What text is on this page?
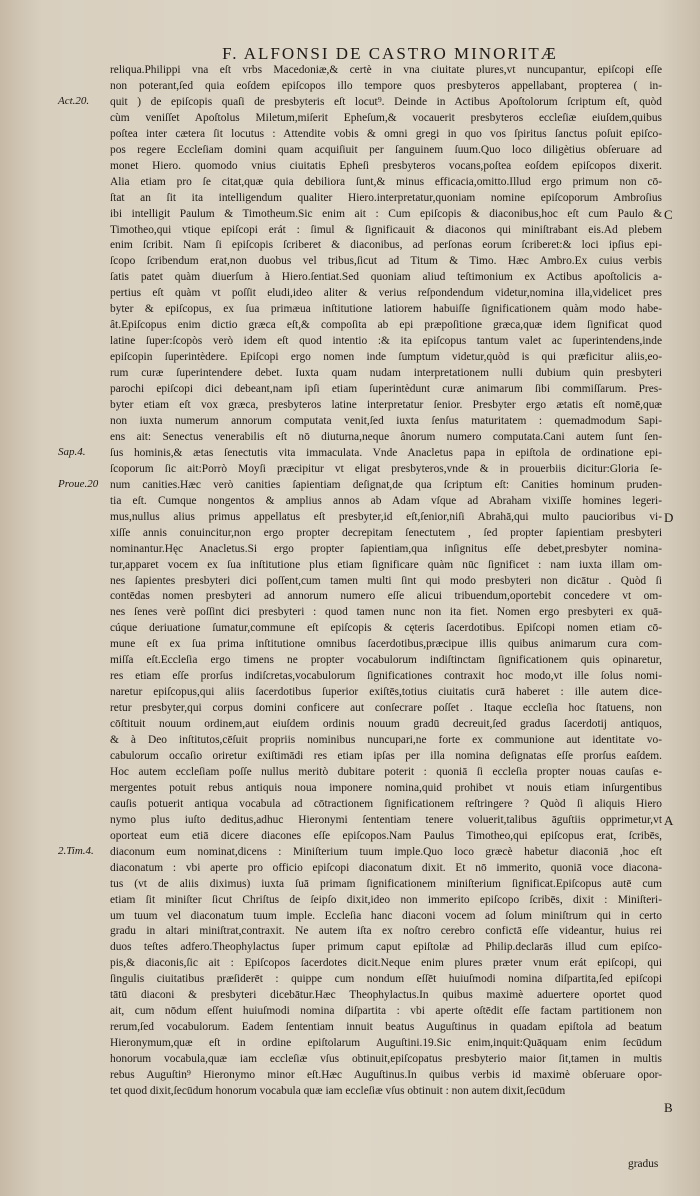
F. ALFONSI DE CASTRO MINORITÆ
reliqua.Philippi vna eſt vrbs Macedoniæ,& certè in vna ciuitate plures,vt nuncupantur, epiſcopi eſſe
non poterant,ſed quia eoſdem epiſcopos illo tempore quos presbyteros appellabant, propterea ( in-
quit ) de epiſcopis quaſi de presbyteris eſt locut⁹. Deinde in Actibus Apoſtolorum ſcriptum eſt, quòd
cùm veniſſet Apoſtolus Miletum,miſerit Epheſum,& vocauerit presbyteros eccleſiæ eiuſdem,quibus
poſtea inter cætera ſit locutus : Attendite vobis & omni gregi in quo vos ſpiritus ſanctus poſuit epiſco-
pos regere Eccleſiam domini quam acquiſiuit per ſanguinem ſuum.Quo loco diligètius obſeruare ad
monet Hiero. quomodo vnius ciuitatis Epheſi presbyteros vocans,poſtea eoſdem epiſcopos dixerit.
Alia etiam pro ſe citat,quæ quia debiliora ſunt,& minus efficacia,omitto.Illud ergo primum non cō-
ſtat an ſit ita intelligendum qualiter Hiero.interpretatur,quoniam nomine epiſcoporum Ambroſius
ibi intelligit Paulum & Timotheum.Sic enim ait : Cum epiſcopis & diaconibus,hoc eſt cum Paulo &
Timotheo,qui vtique epiſcopi erát : ſimul & ſignificauit & diaconos qui miniſtrabant eis.Ad plebem
enim ſcribit. Nam ſi epiſcopis ſcriberet & diaconibus, ad perſonas eorum ſcriberet:& loci ipſius epi-
ſcopo ſcribendum erat,non duobus vel tribus,ſicut ad Titum & Timo. Hæc Ambro.Ex cuius verbis
ſatis patet quàm diuerſum à Hiero.ſentiat.Sed quoniam aliud teſtimonium ex Actibus apoſtolicis a-
pertius eſt quàm vt poſſit eludi,ideo aliter & verius reſpondendum videtur,nomina illa,videlicet pres
byter & epiſcopus, ex ſua primæua inſtitutione latiorem habuiſſe ſignificationem quàm modo habe-
ât.Epiſcopus enim dictio græca eſt,& compoſita ab epi præpoſitione græca,quæ idem ſignificat quod
latine ſuper:ſcopòs verò idem eſt quod intentio :& ita epiſcopus tantum valet ac ſuperintendens,inde
epiſcopin ſuperintèdere. Epiſcopi ergo nomen inde ſumptum videtur,quòd is qui præficitur aliis,eo-
rum curæ ſuperintendere debet. Iuxta quam nudam interpretationem nulli dubium quin presbyteri
parochi epiſcopi dici debeant,nam ipſi etiam ſuperintèdunt curæ animarum ſibi commiſſarum. Pres-
byter etiam eſt vox græca, presbyteros latine interpretatur ſenior. Presbyter ergo ætatis eſt nomē,quæ
non iuxta numerum annorum computata venit,ſed iuxta ſenſus maturitatem : quemadmodum Sapi-
ens ait: Senectus venerabilis eſt nō diuturna,neque ânorum numero computata.Cani autem ſunt ſen-
ſus hominis,& ætas ſenectutis vita immaculata. Vnde Anacletus papa in epiſtola de ordinatione epi-
ſcoporum ſic ait:Porrò Moyſi præcipitur vt eligat presbyteros,vnde & in prouerbiis dicitur:Gloria ſe-
num canities.Hæc verò canities ſapientiam deſignat,de qua ſcriptum eſt: Canities hominum pruden-
tia eſt. Cumque nongentos & amplius annos ab Adam vſque ad Abraham vixiſſe homines legeri-
mus,nullus alius primus appellatus eſt presbyter,id eſt,ſenior,niſi Abrahā,qui multo paucioribus vi-
xiſſe annis conuincitur,non ergo propter decrepitam ſenectutem , ſed propter ſapientiam presbyteri
nominantur.Hęc Anacletus.Si ergo propter ſapientiam,qua inſignitus eſſe debet,presbyter nomina-
tur,apparet vocem ex ſua inſtitutione plus etiam ſignificare quàm nūc ſignificet : nam iuxta illam om-
nes ſapientes presbyteri dici poſſent,cum tamen multi ſint qui modo presbyteri non dicātur . Quòd ſi
contēdas nomen presbyteri ad annorum numero eſſe alicui tribuendum,oportebit concedere vt om-
nes ſenes verè poſſint dici presbyteri : quod tamen nunc non ita fiet. Nomen ergo presbyteri ex quā-
cúque deriuatione ſumatur,commune eſt epiſcopis & cęteris ſacerdotibus. Epiſcopi nomen etiam cō-
mune eſt ex ſua prima inſtitutione omnibus ſacerdotibus,præcipue illis quibus animarum cura com-
miſſa eſt.Eccleſia ergo timens ne propter vocabulorum indiſtinctam ſignificationem quis opinaretur,
res etiam eſſe prorſus indiſcretas,vocabulorum ſignificationes contraxit hoc modo,vt ille ſolus nomi-
naretur epiſcopus,qui aliis ſacerdotibus ſuperior exiſtēs,totius ciuitatis curā haberet : ille autem dice-
retur presbyter,qui corpus domini conficere aut conſecrare poſſet . Itaque eccleſia hoc ſtatuens, non
cōſtituit nouum ordinem,aut eiuſdem ordinis nouum gradū decreuit,ſed gradus ſacerdotij antiquos,
& à Deo inſtitutos,cēſuit propriis nominibus nuncupari,ne forte ex communione aut identitate vo-
cabulorum occaſio oriretur exiſtimādi res etiam ipſas per illa nomina deſignatas eſſe prorſus eaſdem.
Hoc autem eccleſiam poſſe nullus meritò dubitare poterit : quoniā ſi eccleſia propter nouas cauſas e-
mergentes potuit rebus antiquis noua imponere nomina,quid prohibet vt nouis etiam inſurgentibus
cauſis potuerit antiqua vocabula ad cōtractionem ſignificationem reſtringere ? Quòd ſi aliquis Hiero
nymo plus iuſto deditus,adhuc Hieronymi ſententiam tenere voluerit,talibus āguſtiis opprimetur,vt
oporteat eum etiā dicere diacones eſſe epiſcopos.Nam Paulus Timotheo,qui epiſcopus erat, ſcribēs,
diaconum eum nominat,dicens : Miniſterium tuum imple.Quo loco græcè habetur diaconiā ,hoc eſt
diaconatum : vbi aperte pro officio epiſcopi diaconatum dixit. Et nō immerito, quoniā voce diacona-
tus (vt de aliis diximus) iuxta ſuā primam ſignificationem miniſterium ſignificat.Epiſcopus autē cum
etiam ſit miniſter ſicut Chriſtus de ſeipſo dixit,ideo non immerito epiſcopo ſcribēs, dixit : Miniſteri-
um tuum vel diaconatum tuum imple. Eccleſia hanc diaconi vocem ad ſolum miniſtrum qui in certo
gradu in altari miniſtrat,contraxit. Ne autem iſta ex noſtro cerebro confictā eſſe videantur, huius rei
duos teſtes adfero.Theophylactus ſuper primum caput epiſtolæ ad Philip.declarās illud cum epiſco-
pis,& diaconis,ſic ait : Epiſcopos ſacerdotes dicit.Neque enim plures præter vnum erát epiſcopi, qui
ſingulis ciuitatibus præſiderēt : quippe cum nondum eſſēt huiuſmodi nomina diſpartita,ſed epiſcopi
tātū diaconi & presbyteri dicebātur.Hæc Theophylactus.In quibus maximè aduertere oportet quod
ait, cum nōdum eſſent huiuſmodi nomina diſpartita : vbi aperte oſtēdit eſſe factam partitionem non
rerum,ſed vocabulorum. Eadem ſententiam innuit beatus Auguſtinus in quadam epiſtola ad beatum
Hieronymum,quæ eſt in ordine epiſtolarum Auguſtini.19.Sic enim,inquit:Quāquam enim ſecūdum
honorum vocabula,quæ iam eccleſiæ vſus obtinuit,epiſcopatus presbyterio maior ſit,tamen in multis
rebus Auguſtin⁹ Hieronymo minor eſt.Hæc Auguſtinus.In quibus verbis id maximè obſeruare opor-
tet quod dixit,ſecūdum honorum vocabula quæ iam eccleſiæ vſus obtinuit : non autem dixit,ſecūdum
Act.20.
Sap.4.
Proue.20
2.Tim.4.
C
D
A
B
gradus
